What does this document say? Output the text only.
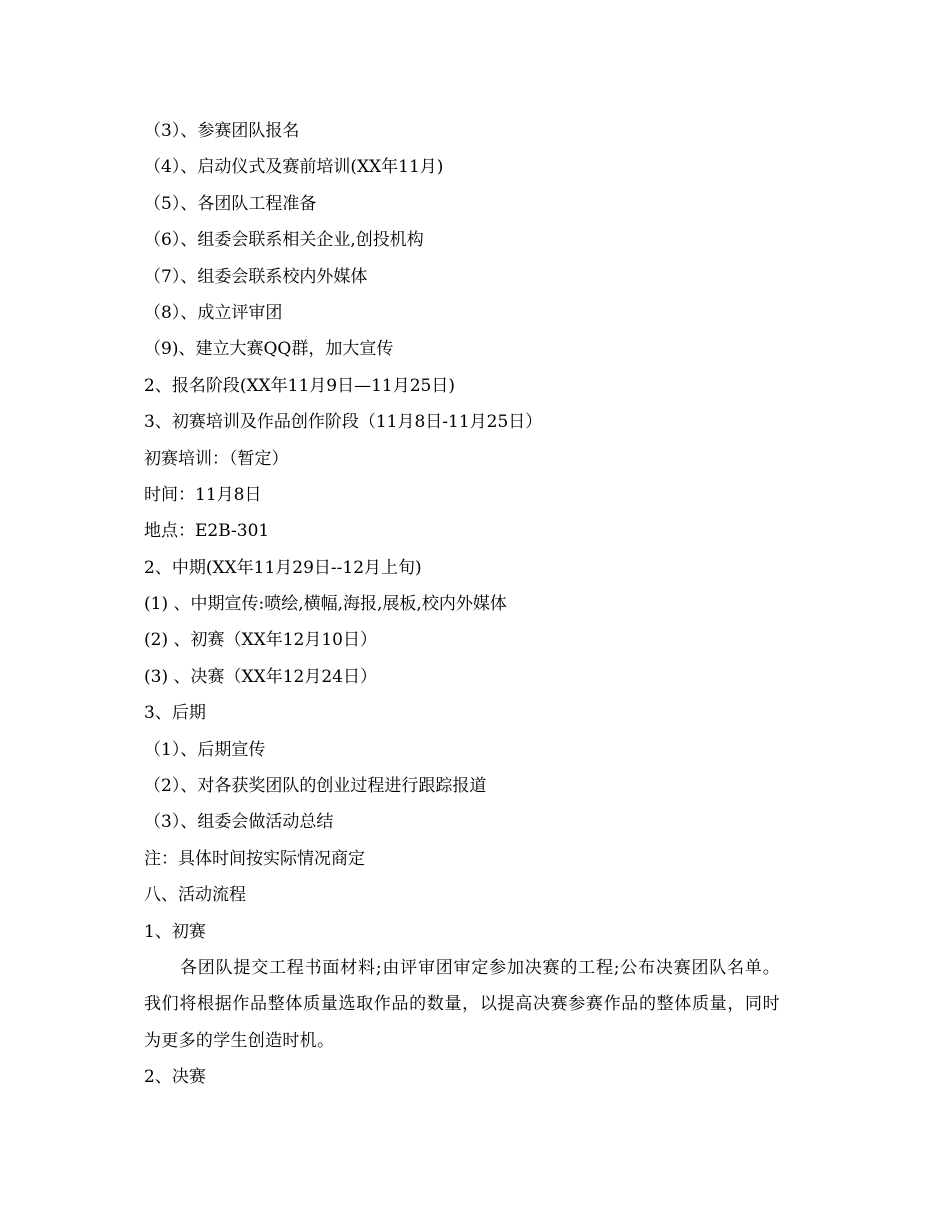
（3）、参赛团队报名
（4）、启动仪式及赛前培训(XX年11月)
（5）、各团队工程准备
（6）、组委会联系相关企业,创投机构
（7）、组委会联系校内外媒体
（8）、成立评审团
（9)、建立大赛QQ群，加大宣传
2、报名阶段(XX年11月9日—11月25日)
3、初赛培训及作品创作阶段（11月8日-11月25日）
初赛培训：（暂定）
时间：11月8日
地点：E2B-301
2、中期(XX年11月29日--12月上旬)
(1) 、中期宣传:喷绘,横幅,海报,展板,校内外媒体
(2) 、初赛（XX年12月10日）
(3) 、决赛（XX年12月24日）
3、后期
（1）、后期宣传
（2）、对各获奖团队的创业过程进行跟踪报道
（3）、组委会做活动总结
注：具体时间按实际情况商定
八、活动流程
1、初赛
各团队提交工程书面材料;由评审团审定参加决赛的工程;公布决赛团队名单。我们将根据作品整体质量选取作品的数量，以提高决赛参赛作品的整体质量，同时为更多的学生创造时机。
2、决赛
